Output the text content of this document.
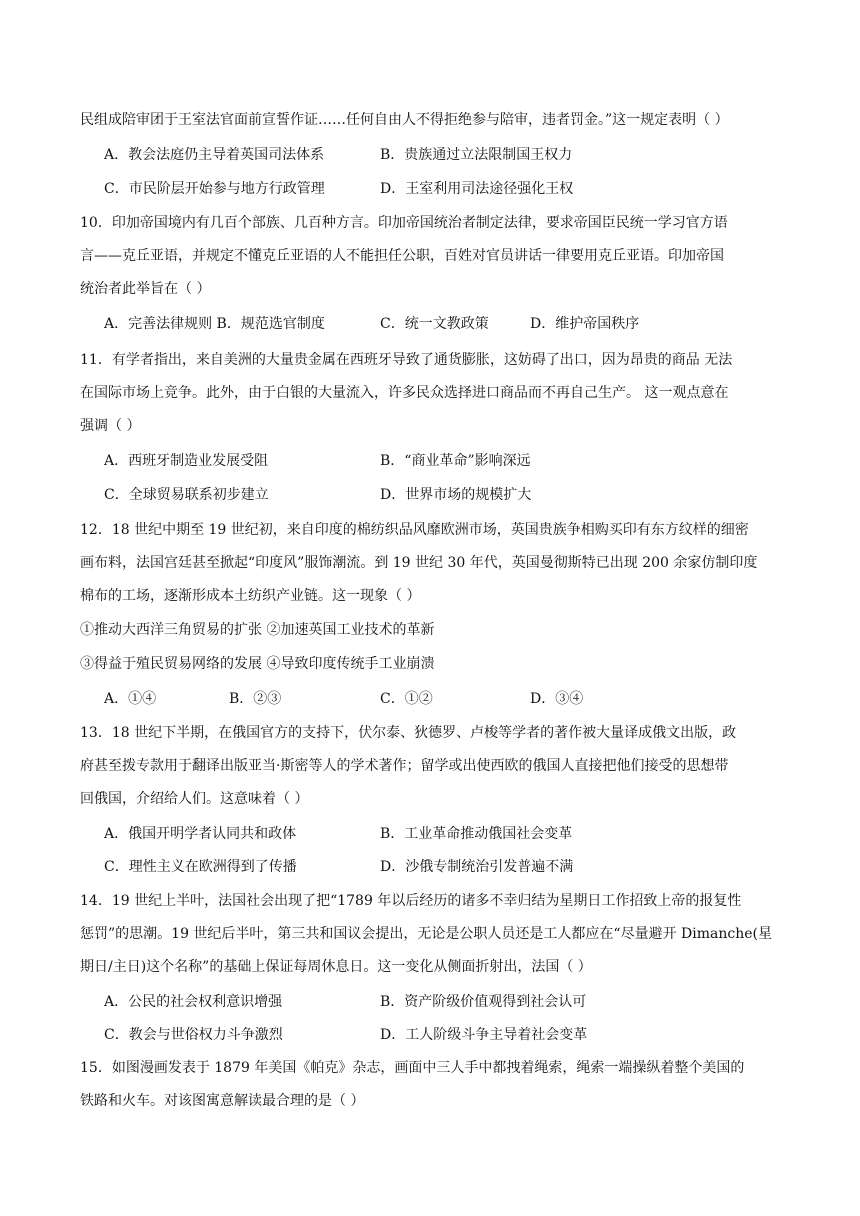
民组成陪审团于王室法官面前宣誓作证……任何自由人不得拒绝参与陪审，违者罚金。”这一规定表明（ ）
A．教会法庭仍主导着英国司法体系	B．贵族通过立法限制国王权力
C．市民阶层开始参与地方行政管理	D．王室利用司法途径强化王权
10．印加帝国境内有几百个部族、几百种方言。印加帝国统治者制定法律，要求帝国臣民统一学习官方语
言——克丘亚语，并规定不懂克丘亚语的人不能担任公职，百姓对官员讲话一律要用克丘亚语。印加帝国
统治者此举旨在（ ）
A．完善法律规则 B．规范选官制度	C．统一文教政策	D．维护帝国秩序
11．有学者指出，来自美洲的大量贵金属在西班牙导致了通货膨胀，这妨碍了出口，因为昂贵的商品 无法
在国际市场上竞争。此外，由于白银的大量流入，许多民众选择进口商品而不再自己生产。 这一观点意在
强调（ ）
A．西班牙制造业发展受阻	B．“商业革命”影响深远
C．全球贸易联系初步建立	D．世界市场的规模扩大
12．18 世纪中期至 19 世纪初，来自印度的棉纺织品风靡欧洲市场，英国贵族争相购买印有东方纹样的细密
画布料，法国宫廷甚至掀起“印度风”服饰潮流。到 19 世纪 30 年代，英国曼彻斯特已出现 200 余家仿制印度
棉布的工场，逐渐形成本土纺织产业链。这一现象（ ）
①推动大西洋三角贸易的扩张 ②加速英国工业技术的革新
③得益于殖民贸易网络的发展 ④导致印度传统手工业崩溃
A．①④	B．②③	C．①②	D．③④
13．18 世纪下半期，在俄国官方的支持下，伏尔泰、狄德罗、卢梭等学者的著作被大量译成俄文出版，政
府甚至拨专款用于翻译出版亚当·斯密等人的学术著作；留学或出使西欧的俄国人直接把他们接受的思想带
回俄国，介绍给人们。这意味着（ ）
A．俄国开明学者认同共和政体	B．工业革命推动俄国社会变革
C．理性主义在欧洲得到了传播	D．沙俄专制统治引发普遍不满
14．19 世纪上半叶，法国社会出现了把“1789 年以后经历的诸多不幸归结为星期日工作招致上帝的报复性
惩罚”的思潮。19 世纪后半叶，第三共和国议会提出，无论是公职人员还是工人都应在“尽量避开 Dimanche(星
期日/主日)这个名称”的基础上保证每周休息日。这一变化从侧面折射出，法国（ ）
A．公民的社会权利意识增强	B．资产阶级价值观得到社会认可
C．教会与世俗权力斗争激烈	D．工人阶级斗争主导着社会变革
15．如图漫画发表于 1879 年美国《帕克》杂志，画面中三人手中都拽着绳索，绳索一端操纵着整个美国的
铁路和火车。对该图寓意解读最合理的是（ ）
